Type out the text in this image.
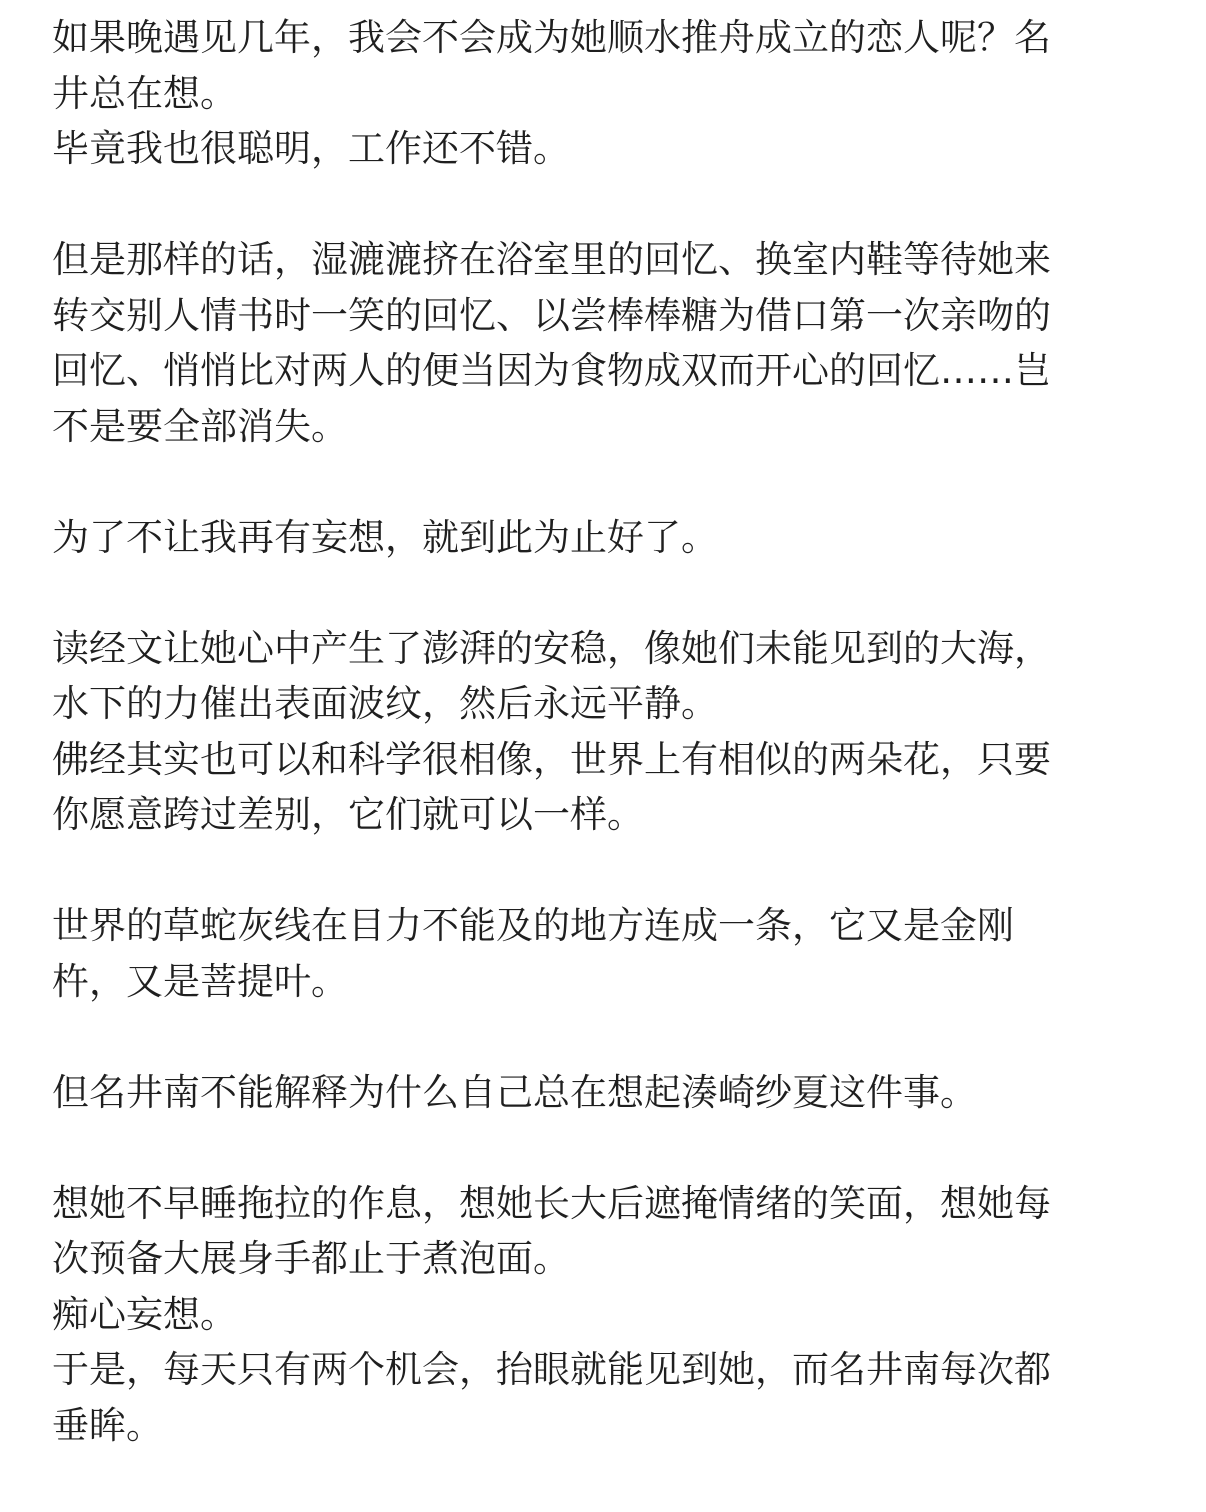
如果晚遇见几年，我会不会成为她顺水推舟成立的恋人呢？名
井总在想。
毕竟我也很聪明，工作还不错。
但是那样的话，湿漉漉挤在浴室里的回忆、换室内鞋等待她来
转交别人情书时一笑的回忆、以尝棒棒糖为借口第一次亲吻的
回忆、悄悄比对两人的便当因为食物成双而开心的回忆……岂
不是要全部消失。
为了不让我再有妄想，就到此为止好了。
读经文让她心中产生了澎湃的安稳，像她们未能见到的大海，
水下的力催出表面波纹，然后永远平静。
佛经其实也可以和科学很相像，世界上有相似的两朵花，只要
你愿意跨过差别，它们就可以一样。
世界的草蛇灰线在目力不能及的地方连成一条，它又是金刚
杵，又是菩提叶。
但名井南不能解释为什么自己总在想起湊崎纱夏这件事。
想她不早睡拖拉的作息，想她长大后遮掩情绪的笑面，想她每
次预备大展身手都止于煮泡面。
痴心妄想。
于是，每天只有两个机会，抬眼就能见到她，而名井南每次都
垂眸。
